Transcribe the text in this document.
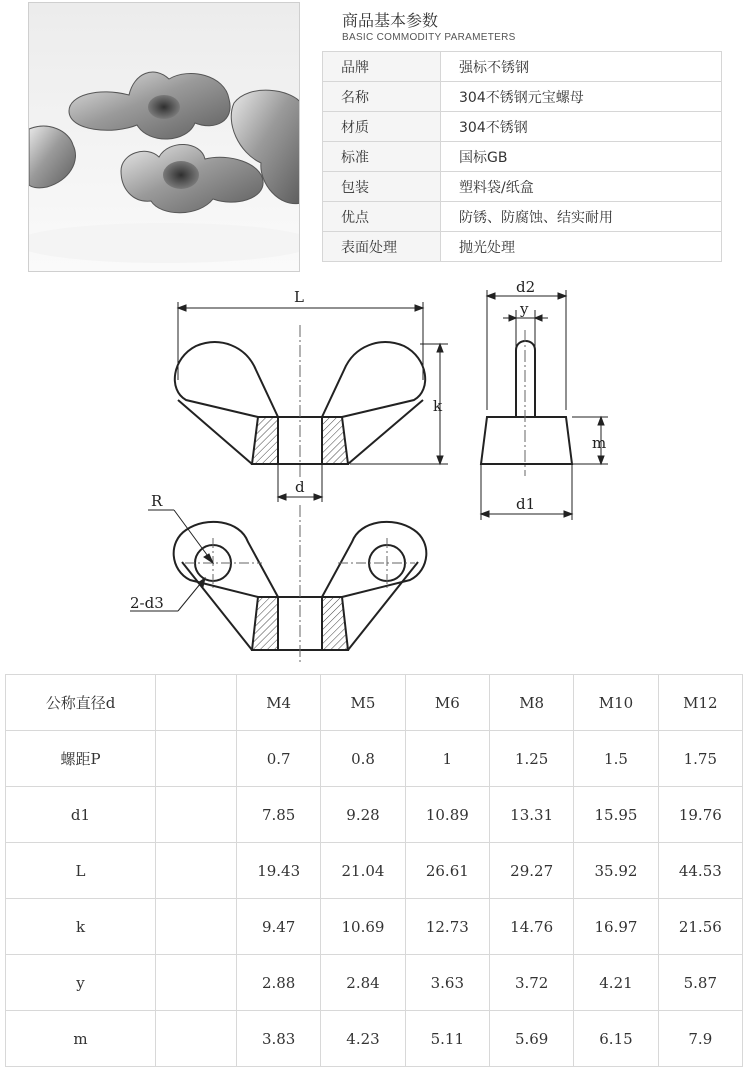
商品基本参数
BASIC COMMODITY PARAMETERS
品牌	强标不锈钢
名称	304不锈钢元宝螺母
材质	304不锈钢
标准	国标GB
包装	塑料袋/纸盒
优点	防锈、防腐蚀、结实耐用
表面处理	抛光处理
L
k
d
d2
y
m
d1
R
2-d3
公称直径d		M4	M5	M6	M8	M10	M12
螺距P		0.7	0.8	1	1.25	1.5	1.75
d1		7.85	9.28	10.89	13.31	15.95	19.76
L		19.43	21.04	26.61	29.27	35.92	44.53
k		9.47	10.69	12.73	14.76	16.97	21.56
y		2.88	2.84	3.63	3.72	4.21	5.87
m		3.83	4.23	5.11	5.69	6.15	7.9
